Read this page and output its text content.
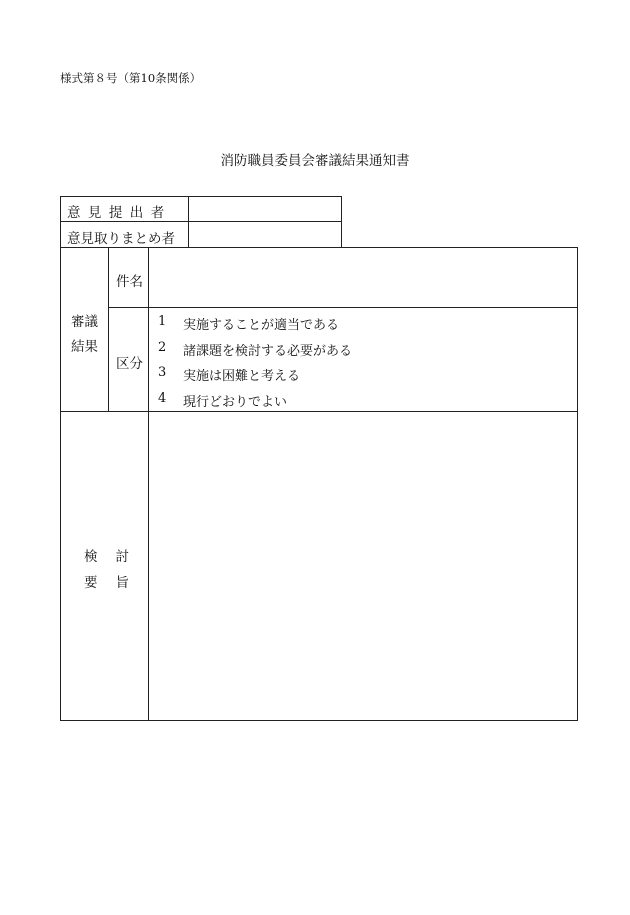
様式第８号（第10条関係）
消防職員委員会審議結果通知書
意見提出者
意見取りまとめ者
審議
結果
件名
区分
1 実施することが適当である
2 諸課題を検討する必要がある
3 実施は困難と考える
4 現行どおりでよい
検 討
要 旨
